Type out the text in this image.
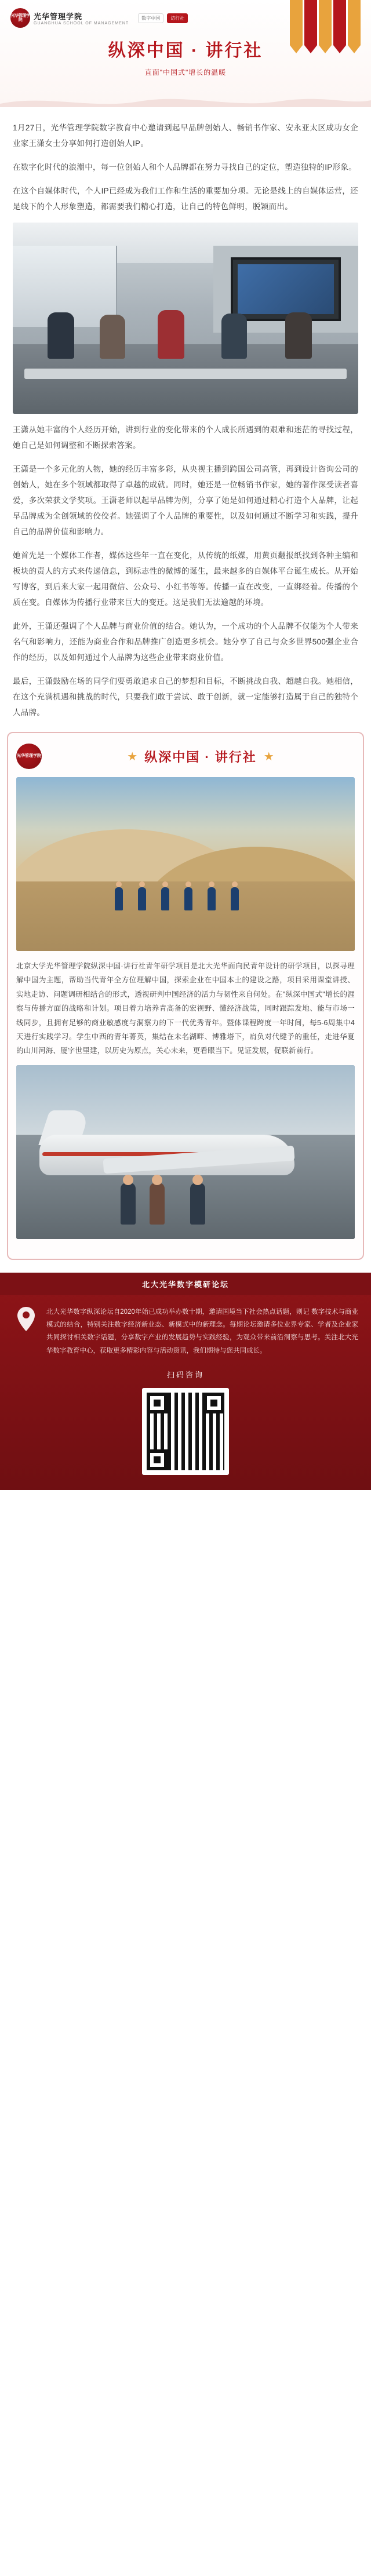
光华管理学院	光华管理学院
GUANGHUA SCHOOL OF MANAGEMENT
数字中国	访行社
纵深中国 · 讲行社
直面"中国式"增长的温暖

1月27日，光华管理学院数字教育中心邀请到起早品牌创始人、畅销书作家、安永亚太区成功女企业家王潇女士分享如何打造创始人IP。

在数字化时代的浪潮中，每一位创始人和个人品牌都在努力寻找自己的定位，塑造独特的IP形象。

在这个自媒体时代，个人IP已经成为我们工作和生活的重要加分项。无论是线上的自媒体运营，还是线下的个人形象塑造，都需要我们精心打造，让自己的特色鲜明，脱颖而出。

王潇从她丰富的个人经历开始，讲到行业的变化带来的个人成长所遇到的艰难和迷茫的寻找过程，她自己是如何调整和不断探索答案。

王潇是一个多元化的人物，她的经历丰富多彩，从央视主播到跨国公司高管，再到设计咨询公司的创始人，她在多个领域都取得了卓越的成就。同时，她还是一位畅销书作家，她的著作深受读者喜爱，多次荣获文学奖项。王潇老师以起早品牌为例，分享了她是如何通过精心打造个人品牌，让起早品牌成为全创领域的佼佼者。她强调了个人品牌的重要性，以及如何通过不断学习和实践，提升自己的品牌价值和影响力。

她首先是一个媒体工作者，媒体这些年一直在变化，从传统的纸媒，用黄页翻报纸找到各种主编和板块的责人的方式来传递信息，到标志性的微博的诞生，最来越多的自媒体平台诞生成长。从开始写博客，到后来大家一起用微信、公众号、小红书等等。传播一直在改变，一直绑经着。传播的个质在变。自媒体为传播行业带来巨大的变迁。这是我们无法逾越的环境。

此外，王潇还强调了个人品牌与商业价值的结合。她认为，一个成功的个人品牌不仅能为个人带来名气和影响力，还能为商业合作和品牌推广创造更多机会。她分享了自己与众多世界500强企业合作的经历，以及如何通过个人品牌为这些企业带来商业价值。

最后，王潇鼓励在场的同学们要勇敢追求自己的梦想和目标，不断挑战自我、超越自我。她相信，在这个充满机遇和挑战的时代，只要我们敢于尝试、敢于创新，就一定能够打造属于自己的独特个人品牌。

光华管理学院	★ 纵深中国 · 讲行社 ★

北京大学光华管理学院纵深中国·讲行社青年研学项目是北大光华面向民青年设计的研学项目，以探寻理解中国为主题，帮助当代青年全方位理解中国，探索企业在中国本土的建设之路，项目采用课堂讲授、实地走访、问题调研相结合的形式，透视研判中国经济的活力与韧性来自何处。在"纵深中国式"增长的涯察与传播方面的战略和计划。项目着力培养青高备的宏视野、懂经济战策，同时跟踪发地、能与市场一线同步，且拥有足够的商业敏感度与洞察力的下一代优秀青年。暨体课程跨度一年时间，每5-6周集中4天进行实践学习。学生中西的青年菁英，集结在未名湖畔、博雅塔下，肩负对代键予的重任，走进华夏的山川河海、厦字世里建，以历史为原点，关心未来，更看眼当下。见证发展，促联新前行。

北大光华数字模研论坛
北大光华数字纵深论坛自2020年始已成功举办数十期，邀请国境当下社会热点话题，则记 数字技术与商业模式的结合，特别关注数字经济新业态、新模式中的新理念。每期论坛邀请多位业界专家、学者及企业家共同探讨相关数字话题，分享数字产业的发展趋势与实践经验，为观众带来前沿洞察与思考。关注北大光华数字教育中心，获取更多精彩内容与活动资讯，我们期待与您共同成长。
扫码咨询
